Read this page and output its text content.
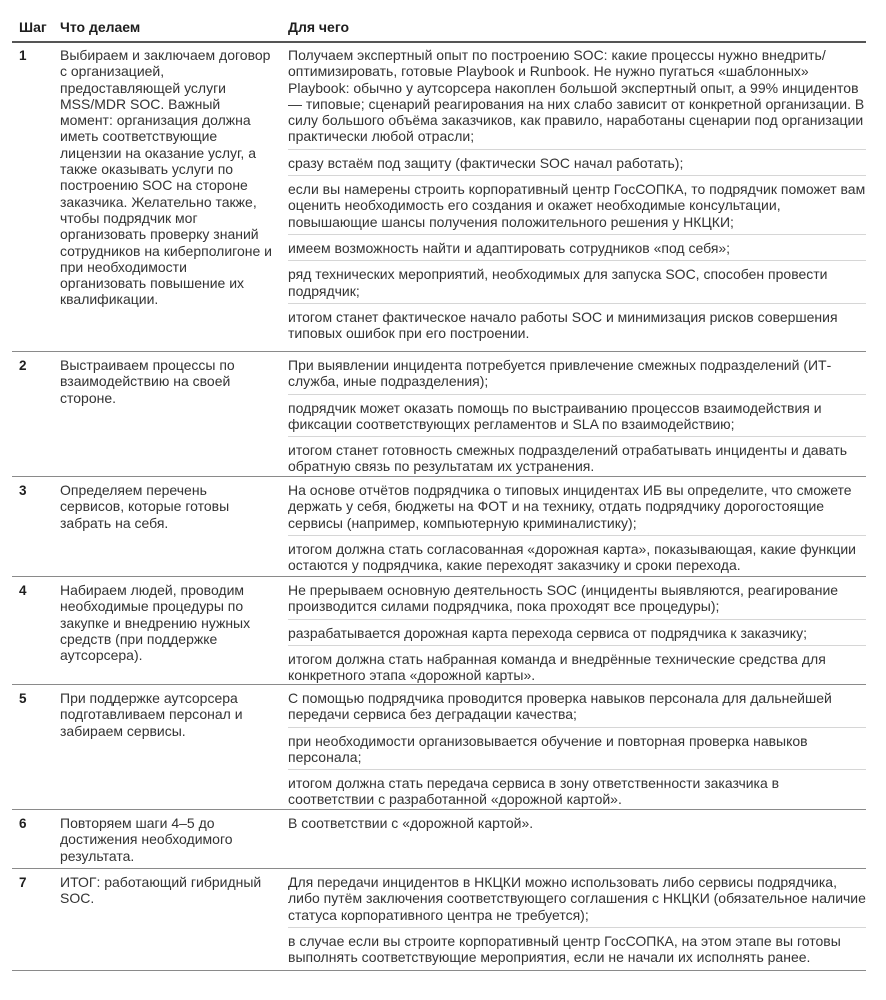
Шаг Что делаем	Для чего
1 Выбираем и заключаем договор с организацией, предоставляющей услуги MSS/MDR SOC. Важный момент: организация должна иметь соответствующие лицензии на оказание услуг, а также оказывать услуги по построению SOC на стороне заказчика. Желательно также, чтобы подрядчик мог организовать проверку знаний сотрудников на киберполигоне и при необходимости организовать повышение их квалификации.
Получаем экспертный опыт по построению SOC: какие процессы нужно внедрить/оптимизировать, готовые Playbook и Runbook. Не нужно пугаться «шаблонных» Playbook: обычно у аутсорсера накоплен большой экспертный опыт, а 99% инцидентов — типовые; сценарий реагирования на них слабо зависит от конкретной организации. В силу большого объёма заказчиков, как правило, наработаны сценарии под организации практически любой отрасли;
сразу встаём под защиту (фактически SOC начал работать);
если вы намерены строить корпоративный центр ГосСОПКА, то подрядчик поможет вам оценить необходимость его создания и окажет необходимые консультации, повышающие шансы получения положительного решения у НКЦКИ;
имеем возможность найти и адаптировать сотрудников «под себя»;
ряд технических мероприятий, необходимых для запуска SOC, способен провести подрядчик;
итогом станет фактическое начало работы SOC и минимизация рисков совершения типовых ошибок при его построении.
2 Выстраиваем процессы по взаимодействию на своей стороне.
При выявлении инцидента потребуется привлечение смежных подразделений (ИТ-служба, иные подразделения);
подрядчик может оказать помощь по выстраиванию процессов взаимодействия и фиксации соответствующих регламентов и SLA по взаимодействию;
итогом станет готовность смежных подразделений отрабатывать инциденты и давать обратную связь по результатам их устранения.
3 Определяем перечень сервисов, которые готовы забрать на себя.
На основе отчётов подрядчика о типовых инцидентах ИБ вы определите, что сможете держать у себя, бюджеты на ФОТ и на технику, отдать подрядчику дорогостоящие сервисы (например, компьютерную криминалистику);
итогом должна стать согласованная «дорожная карта», показывающая, какие функции остаются у подрядчика, какие переходят заказчику и сроки перехода.
4 Набираем людей, проводим необходимые процедуры по закупке и внедрению нужных средств (при поддержке аутсорсера).
Не прерываем основную деятельность SOC (инциденты выявляются, реагирование производится силами подрядчика, пока проходят все процедуры);
разрабатывается дорожная карта перехода сервиса от подрядчика к заказчику;
итогом должна стать набранная команда и внедрённые технические средства для конкретного этапа «дорожной карты».
5 При поддержке аутсорсера подготавливаем персонал и забираем сервисы.
С помощью подрядчика проводится проверка навыков персонала для дальнейшей передачи сервиса без деградации качества;
при необходимости организовывается обучение и повторная проверка навыков персонала;
итогом должна стать передача сервиса в зону ответственности заказчика в соответствии с разработанной «дорожной картой».
6 Повторяем шаги 4–5 до достижения необходимого результата.
В соответствии с «дорожной картой».
7 ИТОГ: работающий гибридный SOC.
Для передачи инцидентов в НКЦКИ можно использовать либо сервисы подрядчика, либо путём заключения соответствующего соглашения с НКЦКИ (обязательное наличие статуса корпоративного центра не требуется);
в случае если вы строите корпоративный центр ГосСОПКА, на этом этапе вы готовы выполнять соответствующие мероприятия, если не начали их исполнять ранее.
